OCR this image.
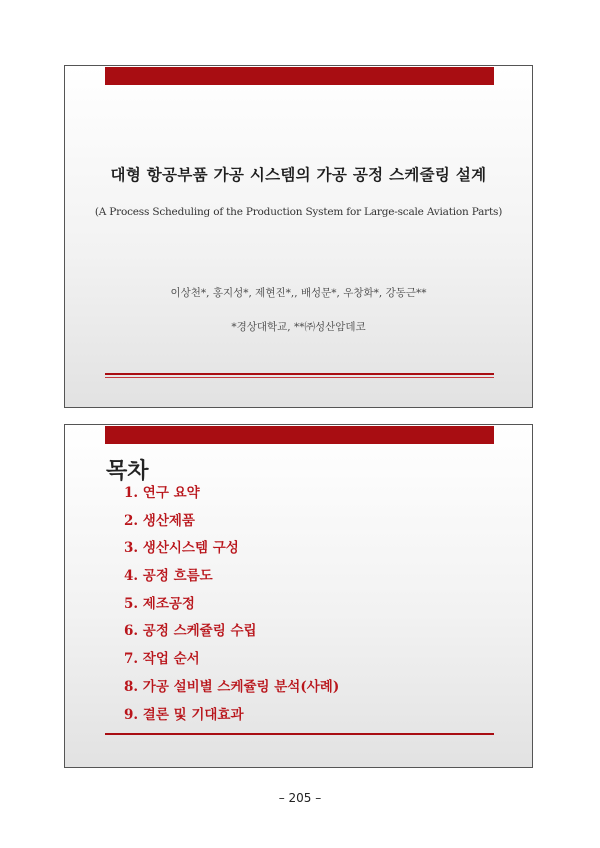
대형 항공부품 가공 시스템의 가공 공정 스케줄링 설계
(A Process Scheduling of the Production System for Large-scale Aviation Parts)
이상천*, 홍지성*, 제현진*,, 배성문*, 우창화*, 강동근**
*경상대학교, **㈜성산암데코
목차
1. 연구 요약
2. 생산제품
3. 생산시스템 구성
4. 공정 흐름도
5. 제조공정
6. 공정 스케쥴링 수립
7. 작업 순서
8. 가공 설비별 스케쥴링 분석(사례)
9. 결론 및 기대효과
– 205 –
